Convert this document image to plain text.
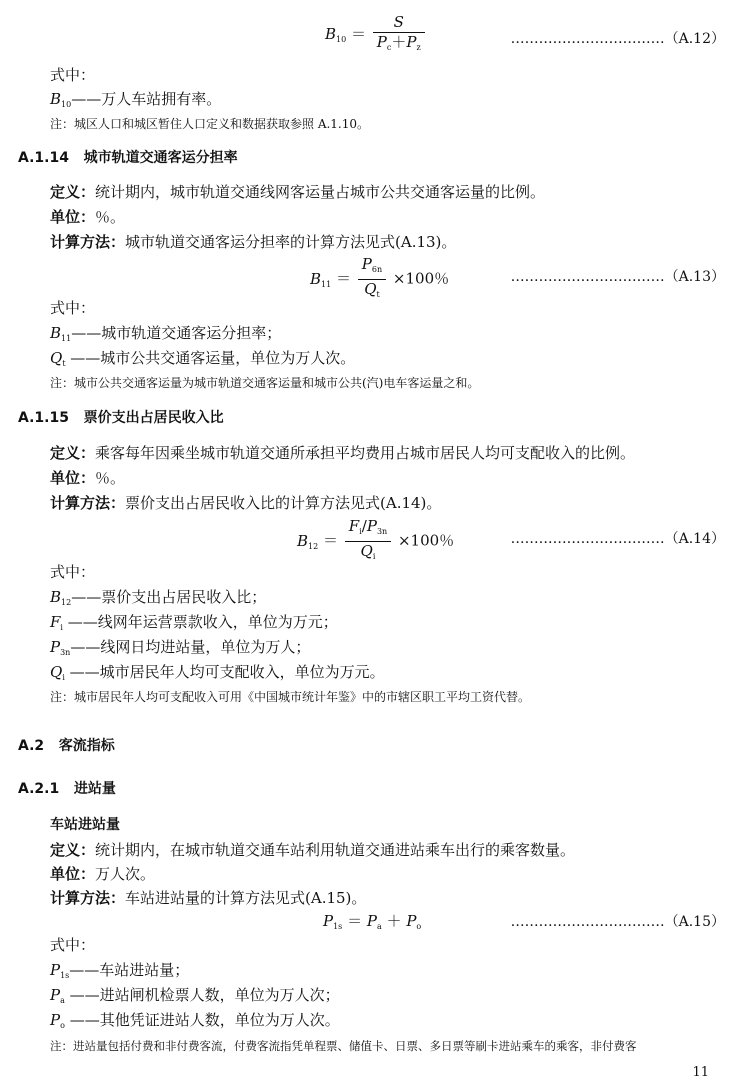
$B_{10} = \frac{S}{P_c+P_z}$	……………………………（A.12）
式中：
$B_{10}——$万人车站拥有率。
注：城区人口和城区暂住人口定义和数据获取参照 A.1.10。
A.1.14 城市轨道交通客运分担率
定义：统计期内，城市轨道交通线网客运量占城市公共交通客运量的比例。
单位：％。
计算方法：城市轨道交通客运分担率的计算方法见式(A.13)。
$B_{11} = \frac{P_{6n}}{Q_t} \times 100$％	……………………………（A.13）
式中：
$B_{11}——$城市轨道交通客运分担率；
$Q_t$ ——城市公共交通客运量，单位为万人次。
注：城市公共交通客运量为城市轨道交通客运量和城市公共(汽)电车客运量之和。
A.1.15 票价支出占居民收入比
定义：乘客每年因乘坐城市轨道交通所承担平均费用占城市居民人均可支配收入的比例。
单位：％。
计算方法：票价支出占居民收入比的计算方法见式(A.14)。
$B_{12} = \frac{F_i/P_{3n}}{Q_i} \times 100$％	……………………………（A.14）
式中：
$B_{12}——$票价支出占居民收入比；
$F_i$ ——线网年运营票款收入，单位为万元；
$P_{3n}——$线网日均进站量，单位为万人；
$Q_i$ ——城市居民年人均可支配收入，单位为万元。
注：城市居民年人均可支配收入可用《中国城市统计年鉴》中的市辖区职工平均工资代替。
A.2 客流指标
A.2.1 进站量
车站进站量
定义：统计期内，在城市轨道交通车站利用轨道交通进站乘车出行的乘客数量。
单位：万人次。
计算方法：车站进站量的计算方法见式(A.15)。
$P_{1s} = P_a + P_o$	……………………………（A.15）
式中：
$P_{1s}——$车站进站量；
$P_a$ ——进站闸机检票人数，单位为万人次；
$P_o$ ——其他凭证进站人数，单位为万人次。
注：进站量包括付费和非付费客流，付费客流指凭单程票、储值卡、日票、多日票等刷卡进站乘车的乘客，非付费客
11
